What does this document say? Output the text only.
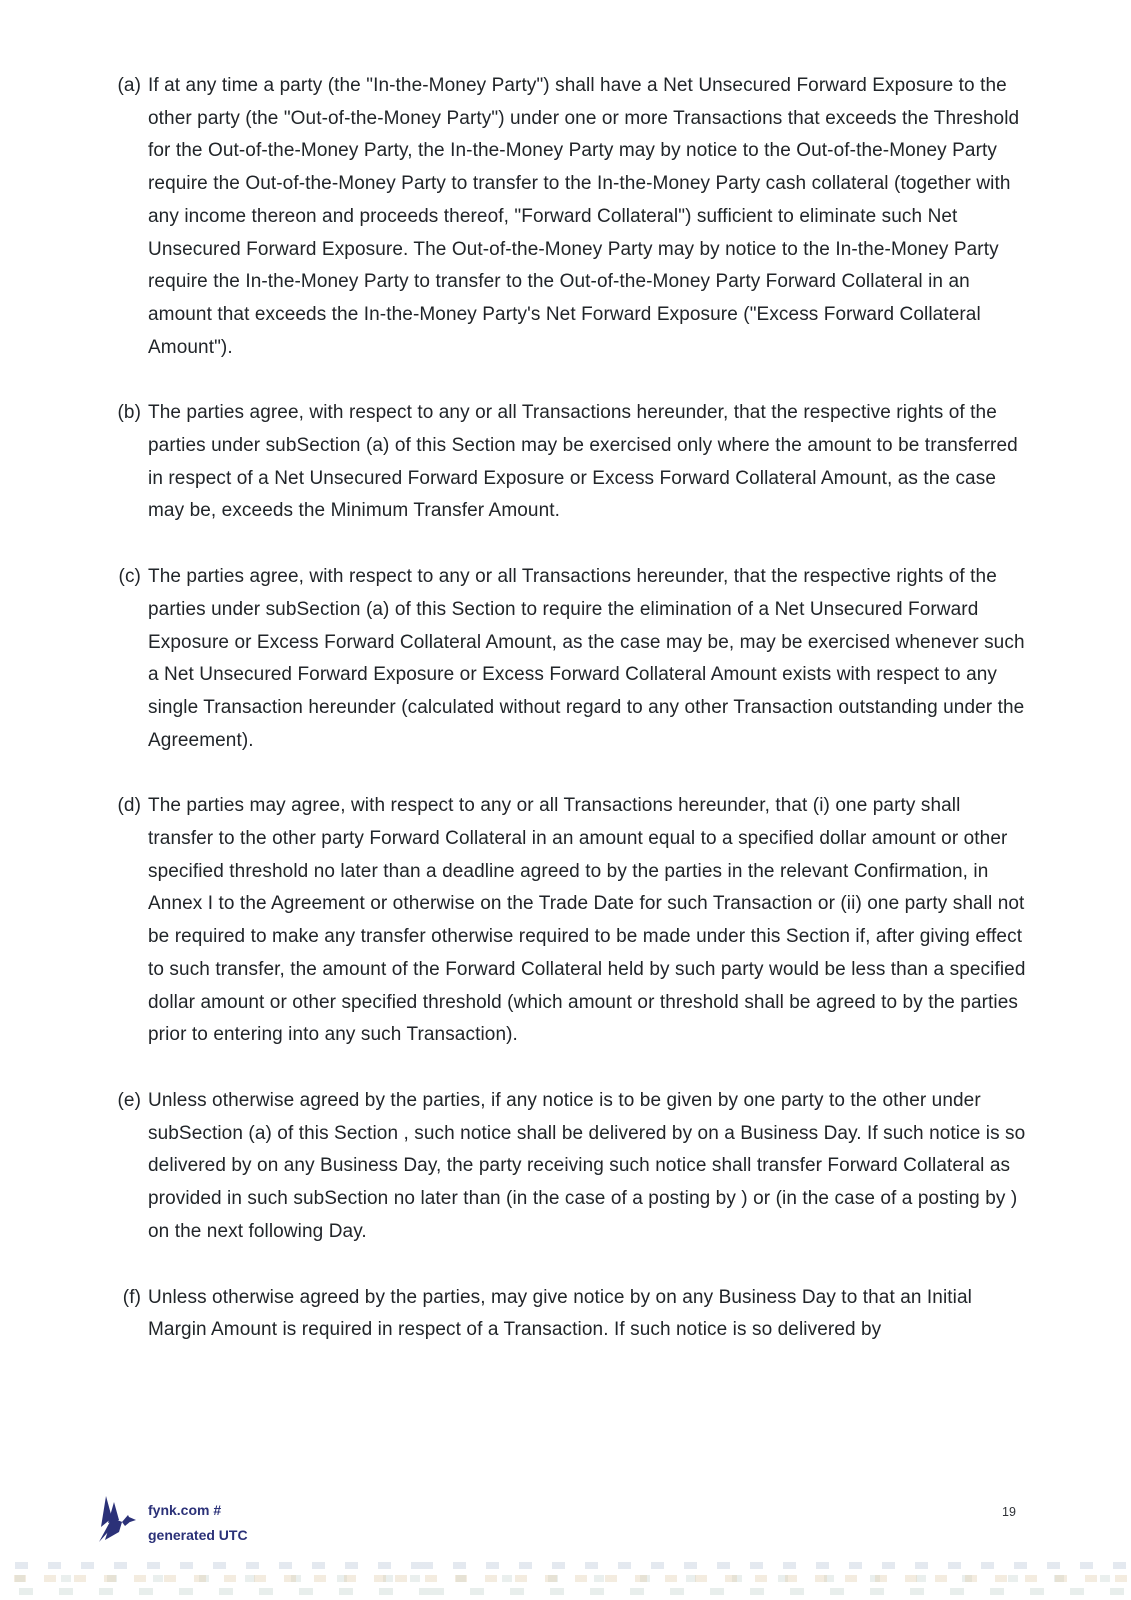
(a) If at any time a party (the "In-the-Money Party") shall have a Net Unsecured Forward Exposure to the other party (the "Out-of-the-Money Party") under one or more Transactions that exceeds the Threshold for the Out-of-the-Money Party, the In-the-Money Party may by notice to the Out-of-the-Money Party require the Out-of-the-Money Party to transfer to the In-the-Money Party cash collateral (together with any income thereon and proceeds thereof, "Forward Collateral") sufficient to eliminate such Net Unsecured Forward Exposure. The Out-of-the-Money Party may by notice to the In-the-Money Party require the In-the-Money Party to transfer to the Out-of-the-Money Party Forward Collateral in an amount that exceeds the In-the-Money Party's Net Forward Exposure ("Excess Forward Collateral Amount").
(b) The parties agree, with respect to any or all Transactions hereunder, that the respective rights of the parties under subSection (a) of this Section may be exercised only where the amount to be transferred in respect of a Net Unsecured Forward Exposure or Excess Forward Collateral Amount, as the case may be, exceeds the Minimum Transfer Amount.
(c) The parties agree, with respect to any or all Transactions hereunder, that the respective rights of the parties under subSection (a) of this Section to require the elimination of a Net Unsecured Forward Exposure or Excess Forward Collateral Amount, as the case may be, may be exercised whenever such a Net Unsecured Forward Exposure or Excess Forward Collateral Amount exists with respect to any single Transaction hereunder (calculated without regard to any other Transaction outstanding under the Agreement).
(d) The parties may agree, with respect to any or all Transactions hereunder, that (i) one party shall transfer to the other party Forward Collateral in an amount equal to a specified dollar amount or other specified threshold no later than a deadline agreed to by the parties in the relevant Confirmation, in Annex I to the Agreement or otherwise on the Trade Date for such Transaction or (ii) one party shall not be required to make any transfer otherwise required to be made under this Section if, after giving effect to such transfer, the amount of the Forward Collateral held by such party would be less than a specified dollar amount or other specified threshold (which amount or threshold shall be agreed to by the parties prior to entering into any such Transaction).
(e) Unless otherwise agreed by the parties, if any notice is to be given by one party to the other under subSection (a) of this Section , such notice shall be delivered by on a Business Day. If such notice is so delivered by on any Business Day, the party receiving such notice shall transfer Forward Collateral as provided in such subSection no later than (in the case of a posting by ) or (in the case of a posting by ) on the next following Day.
(f) Unless otherwise agreed by the parties, may give notice by on any Business Day to that an Initial Margin Amount is required in respect of a Transaction. If such notice is so delivered by
fynk.com #
generated UTC
19
